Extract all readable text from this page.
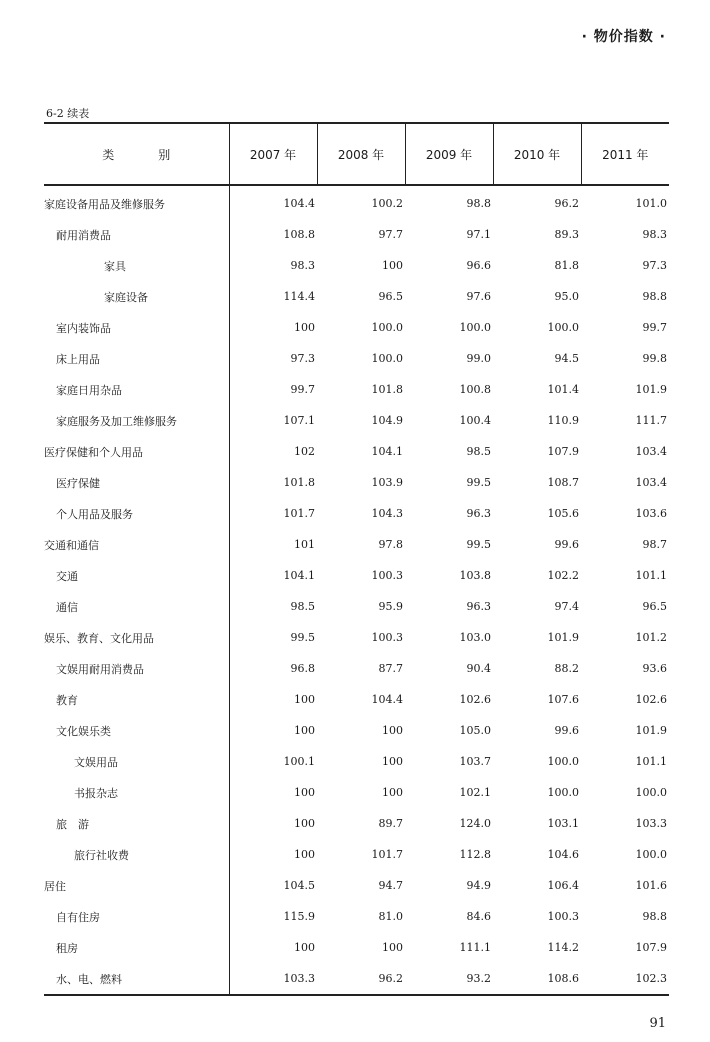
· 物价指数 ·
6-2 续表
类 别	2007 年	2008 年	2009 年	2010 年	2011 年
家庭设备用品及维修服务	104.4	100.2	98.8	96.2	101.0
耐用消费品	108.8	97.7	97.1	89.3	98.3
家具	98.3	100	96.6	81.8	97.3
家庭设备	114.4	96.5	97.6	95.0	98.8
室内装饰品	100	100.0	100.0	100.0	99.7
床上用品	97.3	100.0	99.0	94.5	99.8
家庭日用杂品	99.7	101.8	100.8	101.4	101.9
家庭服务及加工维修服务	107.1	104.9	100.4	110.9	111.7
医疗保健和个人用品	102	104.1	98.5	107.9	103.4
医疗保健	101.8	103.9	99.5	108.7	103.4
个人用品及服务	101.7	104.3	96.3	105.6	103.6
交通和通信	101	97.8	99.5	99.6	98.7
交通	104.1	100.3	103.8	102.2	101.1
通信	98.5	95.9	96.3	97.4	96.5
娱乐、教育、文化用品	99.5	100.3	103.0	101.9	101.2
文娱用耐用消费品	96.8	87.7	90.4	88.2	93.6
教育	100	104.4	102.6	107.6	102.6
文化娱乐类	100	100	105.0	99.6	101.9
文娱用品	100.1	100	103.7	100.0	101.1
书报杂志	100	100	102.1	100.0	100.0
旅　游	100	89.7	124.0	103.1	103.3
旅行社收费	100	101.7	112.8	104.6	100.0
居住	104.5	94.7	94.9	106.4	101.6
自有住房	115.9	81.0	84.6	100.3	98.8
租房	100	100	111.1	114.2	107.9
水、电、燃料	103.3	96.2	93.2	108.6	102.3
91
